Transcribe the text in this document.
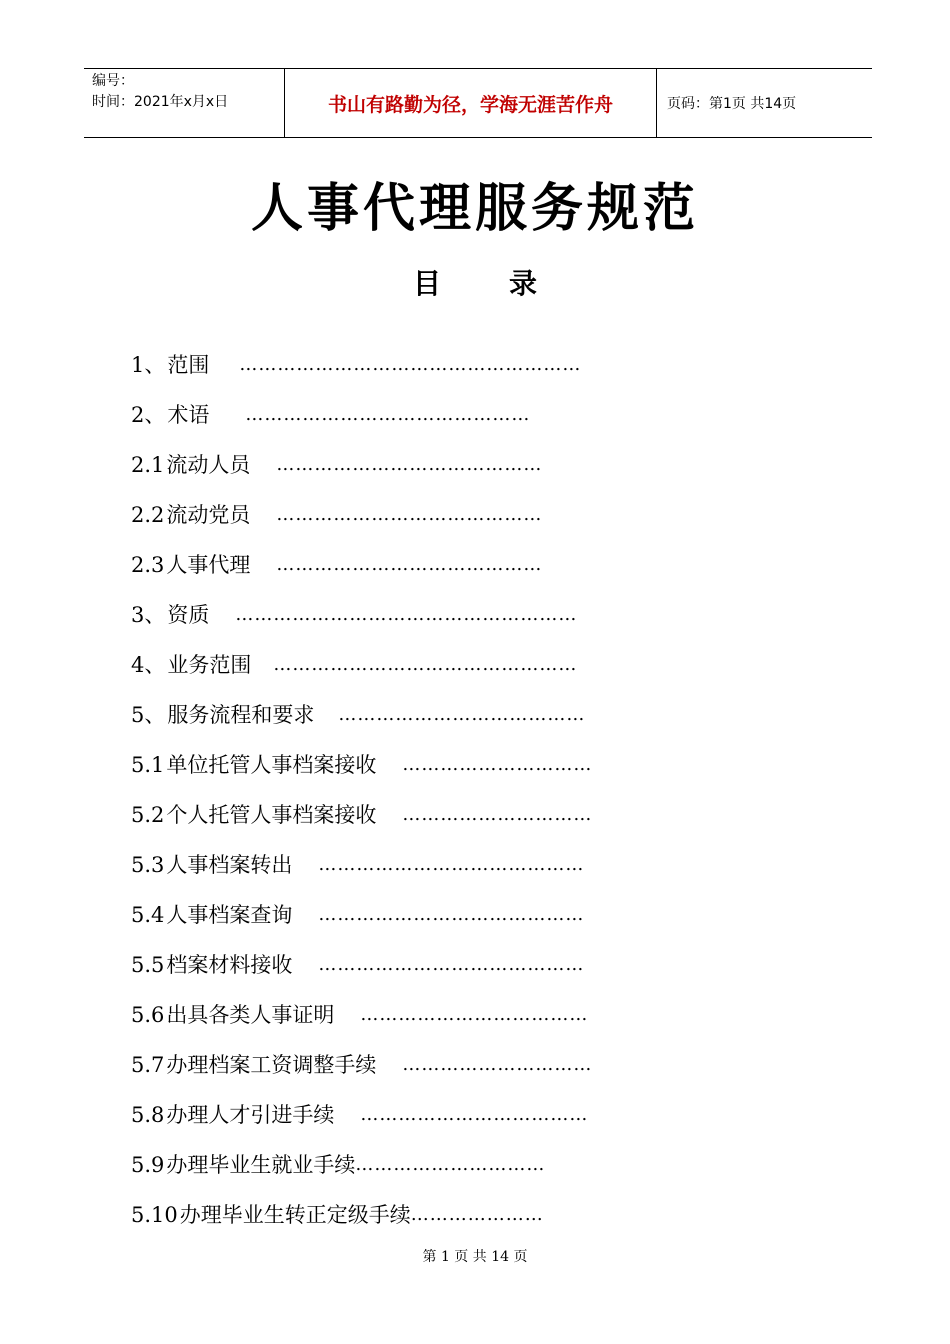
编号：
时间：2021年x月x日	书山有路勤为径，学海无涯苦作舟	页码：第1页 共14页
人事代理服务规范
目 录
1、 范围 ………………………………………………
2、 术语 ………………………………………
2.1 流动人员 ……………………………………
2.2 流动党员 ……………………………………
2.3 人事代理 ……………………………………
3、 资质 ………………………………………………
4、 业务范围 …………………………………………
5、 服务流程和要求 …………………………………
5.1 单位托管人事档案接收 …………………………
5.2 个人托管人事档案接收 …………………………
5.3 人事档案转出 ……………………………………
5.4 人事档案查询 ……………………………………
5.5 档案材料接收 ……………………………………
5.6 出具各类人事证明 ………………………………
5.7 办理档案工资调整手续 …………………………
5.8 办理人才引进手续 ………………………………
5.9 办理毕业生就业手续 …………………………
5.10 办理毕业生转正定级手续 …………………
第 1 页 共 14 页
